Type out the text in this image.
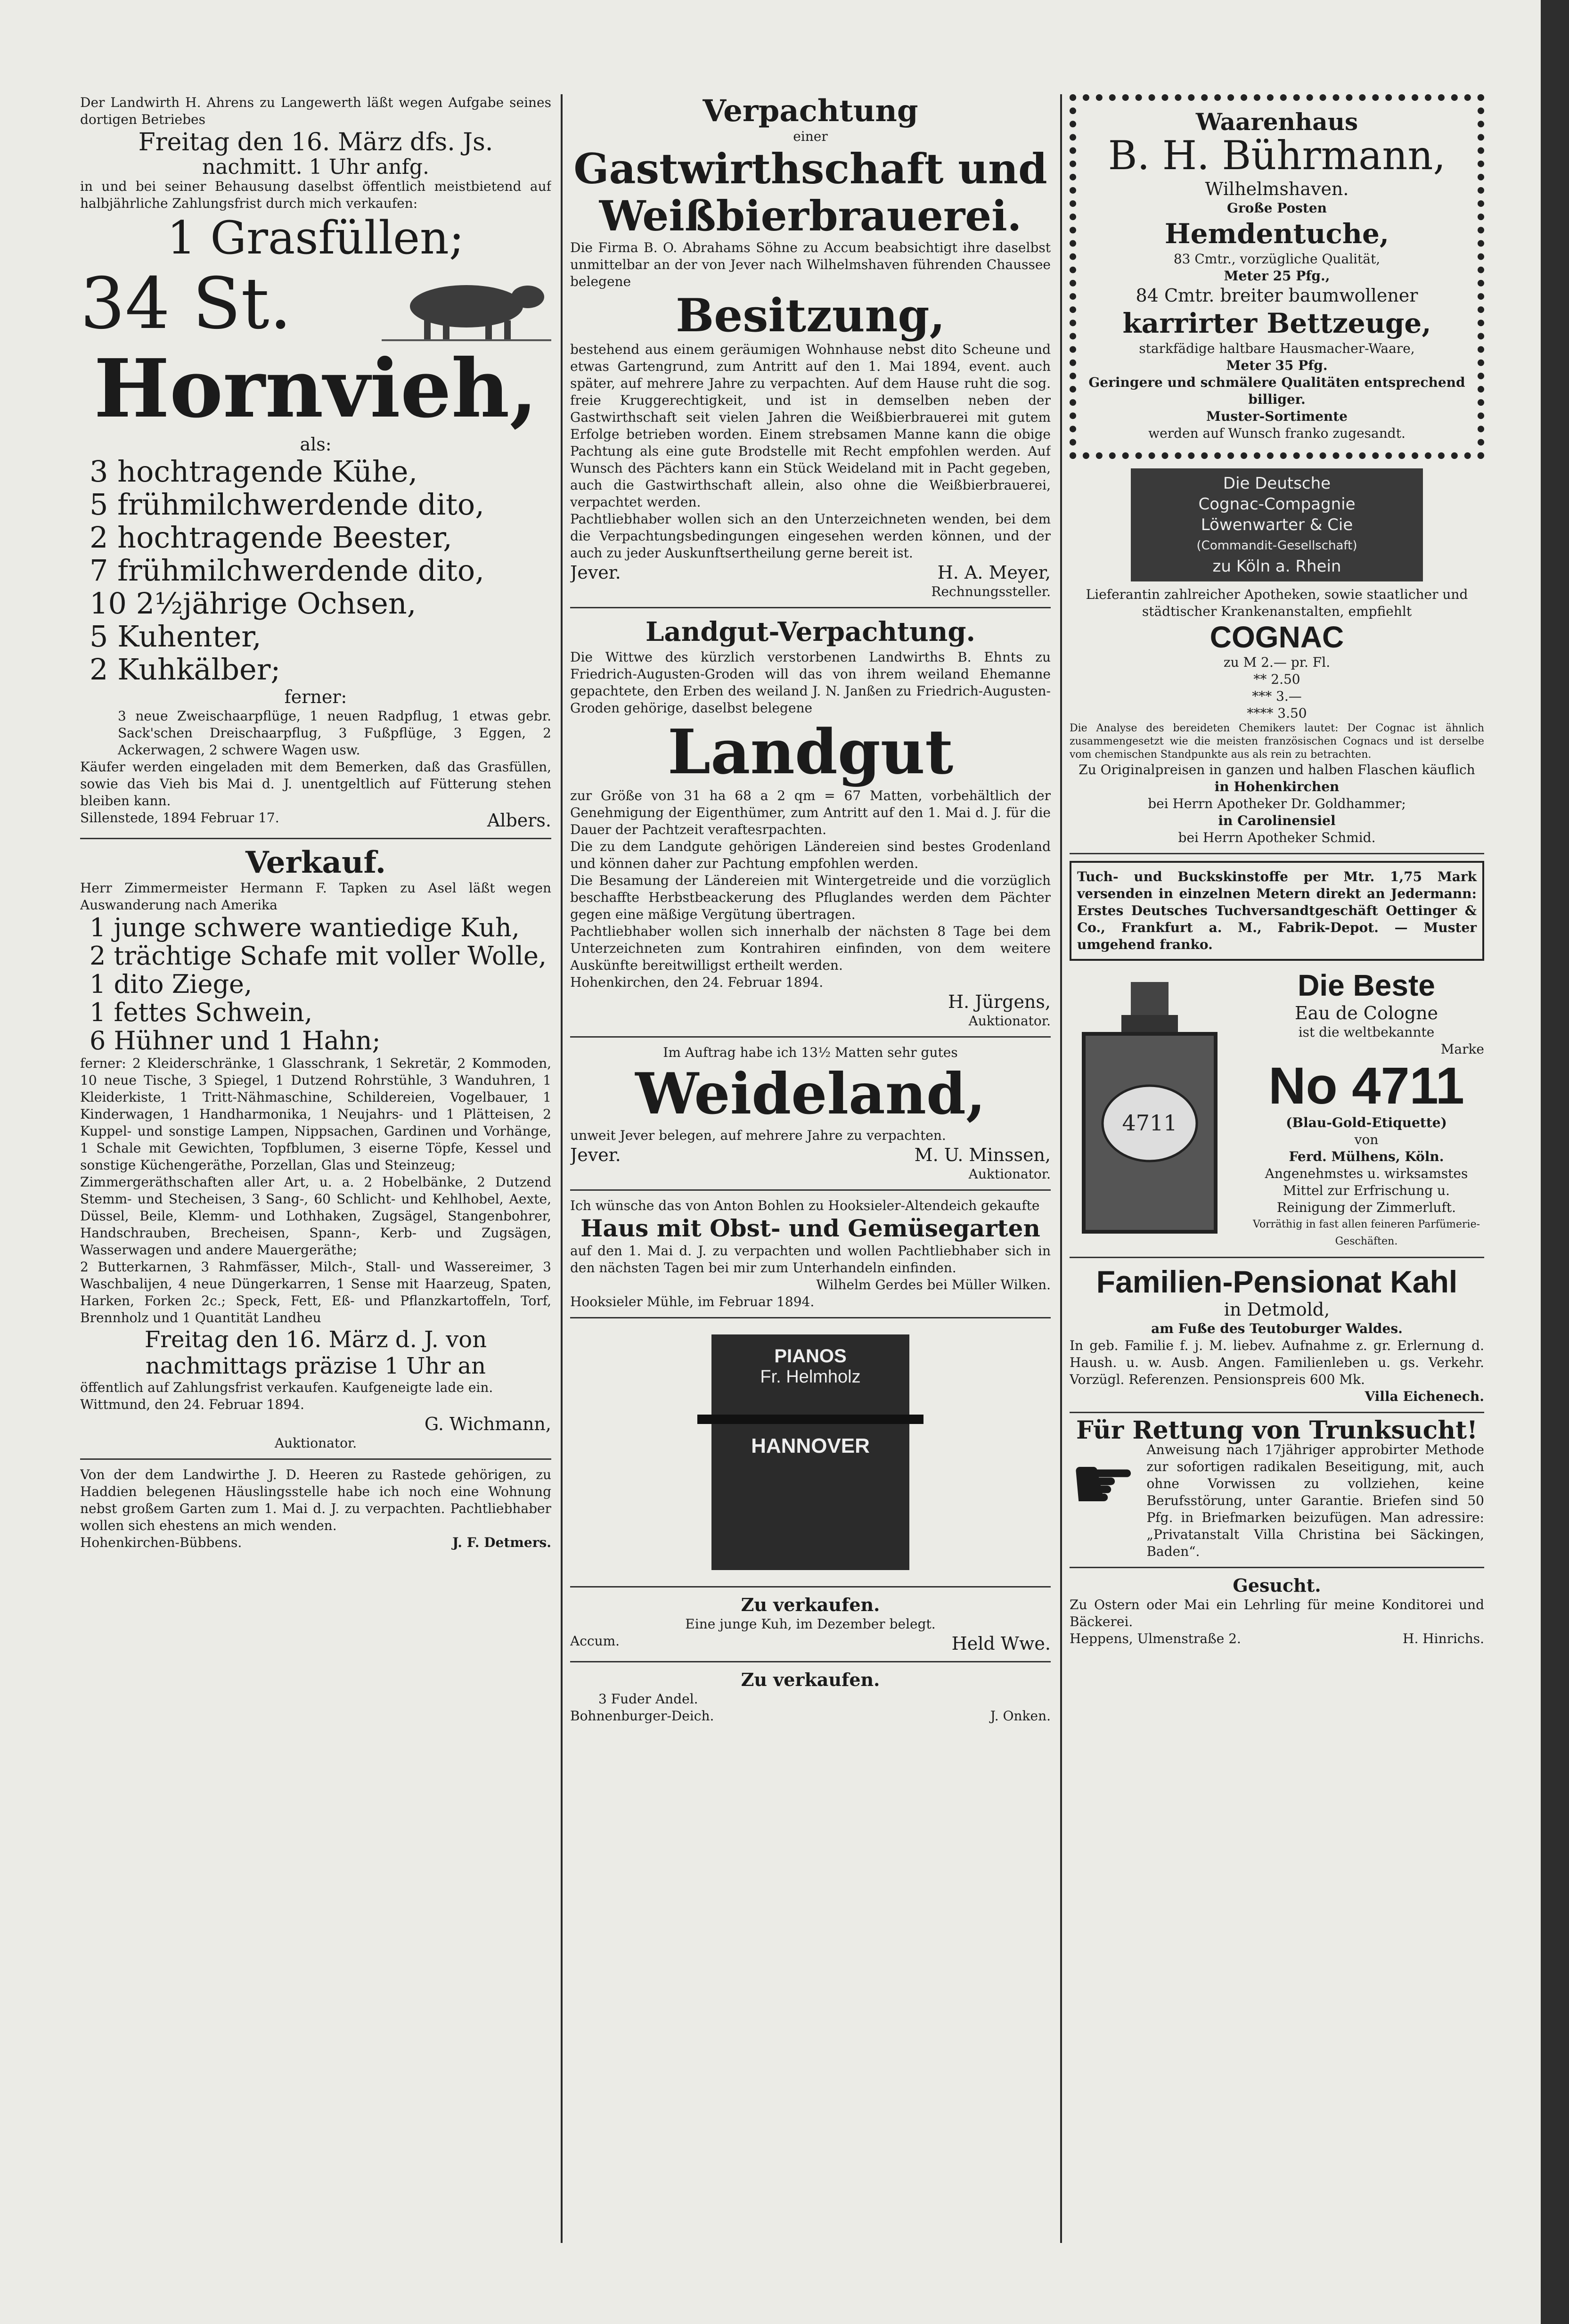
Der Landwirth H. Ahrens zu Langewerth läßt wegen Aufgabe seines dortigen Betriebes

Freitag den 16. März dfs. Js.

nachmitt. 1 Uhr anfg.

in und bei seiner Behausung daselbst öffentlich meistbietend auf halbjährliche Zahlungsfrist durch mich verkaufen:

1 Grasfüllen;

34 St.

Hornvieh,

als:

3 hochtragende Kühe,

5 frühmilchwerdende dito,

2 hochtragende Beester,

7 frühmilchwerdende dito,

10 2½jährige Ochsen,

5 Kuhenter,

2 Kuhkälber;

ferner:

3 neue Zweischaarpflüge, 1 neuen Radpflug, 1 etwas gebr. Sack'schen Dreischaarpflug, 3 Fußpflüge, 3 Eggen, 2 Ackerwagen, 2 schwere Wagen usw.

Käufer werden eingeladen mit dem Bemerken, daß das Grasfüllen, sowie das Vieh bis Mai d. J. unentgeltlich auf Fütterung stehen bleiben kann.

Sillenstede, 1894 Februar 17.	Albers.

Verkauf.

Herr Zimmermeister Hermann F. Tapken zu Asel läßt wegen Auswanderung nach Amerika

1 junge schwere wantiedige Kuh,

2 trächtige Schafe mit voller Wolle,

1 dito Ziege,

1 fettes Schwein,

6 Hühner und 1 Hahn;

ferner: 2 Kleiderschränke, 1 Glasschrank, 1 Sekretär, 2 Kommoden, 10 neue Tische, 3 Spiegel, 1 Dutzend Rohrstühle, 3 Wanduhren, 1 Kleiderkiste, 1 Tritt-Nähmaschine, Schildereien, Vogelbauer, 1 Kinderwagen, 1 Handharmonika, 1 Neujahrs- und 1 Plätteisen, 2 Kuppel- und sonstige Lampen, Nippsachen, Gardinen und Vorhänge, 1 Schale mit Gewichten, Topfblumen, 3 eiserne Töpfe, Kessel und sonstige Küchengeräthe, Porzellan, Glas und Steinzeug;

Zimmergeräthschaften aller Art, u. a. 2 Hobelbänke, 2 Dutzend Stemm- und Stecheisen, 3 Sang-, 60 Schlicht- und Kehlhobel, Aexte, Düssel, Beile, Klemm- und Lothhaken, Zugsägel, Stangenbohrer, Handschrauben, Brecheisen, Spann-, Kerb- und Zugsägen, Wasserwagen und andere Mauergeräthe;

2 Butterkarnen, 3 Rahmfässer, Milch-, Stall- und Wassereimer, 3 Waschbalijen, 4 neue Düngerkarren, 1 Sense mit Haarzeug, Spaten, Harken, Forken 2c.; Speck, Fett, Eß- und Pflanzkartoffeln, Torf, Brennholz und 1 Quantität Landheu

Freitag den 16. März d. J. von nachmittags präzise 1 Uhr an

öffentlich auf Zahlungsfrist verkaufen. Kaufgeneigte lade ein.

Wittmund, den 24. Februar 1894.

G. Wichmann,

Auktionator.

Von der dem Landwirthe J. D. Heeren zu Rastede gehörigen, zu Haddien belegenen Häuslingsstelle habe ich noch eine Wohnung nebst großem Garten zum 1. Mai d. J. zu verpachten. Pachtliebhaber wollen sich ehestens an mich wenden.

Hohenkirchen-Bübbens.	J. F. Detmers.

Verpachtung

einer

Gastwirthschaft und

Weißbierbrauerei.

Die Firma B. O. Abrahams Söhne zu Accum beabsichtigt ihre daselbst unmittelbar an der von Jever nach Wilhelmshaven führenden Chaussee belegene

Besitzung,

bestehend aus einem geräumigen Wohnhause nebst dito Scheune und etwas Gartengrund, zum Antritt auf den 1. Mai 1894, event. auch später, auf mehrere Jahre zu verpachten. Auf dem Hause ruht die sog. freie Kruggerechtigkeit, und ist in demselben neben der Gastwirthschaft seit vielen Jahren die Weißbierbrauerei mit gutem Erfolge betrieben worden. Einem strebsamen Manne kann die obige Pachtung als eine gute Brodstelle mit Recht empfohlen werden. Auf Wunsch des Pächters kann ein Stück Weideland mit in Pacht gegeben, auch die Gastwirthschaft allein, also ohne die Weißbierbrauerei, verpachtet werden.

Pachtliebhaber wollen sich an den Unterzeichneten wenden, bei dem die Verpachtungsbedingungen eingesehen werden können, und der auch zu jeder Auskunftsertheilung gerne bereit ist.

Jever.	H. A. Meyer,

Rechnungssteller.

Landgut-Verpachtung.

Die Wittwe des kürzlich verstorbenen Landwirths B. Ehnts zu Friedrich-Augusten-Groden will das von ihrem weiland Ehemanne gepachtete, den Erben des weiland J. N. Janßen zu Friedrich-Augusten-Groden gehörige, daselbst belegene

Landgut

zur Größe von 31 ha 68 a 2 qm = 67 Matten, vorbehältlich der Genehmigung der Eigenthümer, zum Antritt auf den 1. Mai d. J. für die Dauer der Pachtzeit veraftesrpachten.

Die zu dem Landgute gehörigen Ländereien sind bestes Grodenland und können daher zur Pachtung empfohlen werden.

Die Besamung der Ländereien mit Wintergetreide und die vorzüglich beschaffte Herbstbeackerung des Pfluglandes werden dem Pächter gegen eine mäßige Vergütung übertragen.

Pachtliebhaber wollen sich innerhalb der nächsten 8 Tage bei dem Unterzeichneten zum Kontrahiren einfinden, von dem weitere Auskünfte bereitwilligst ertheilt werden.

Hohenkirchen, den 24. Februar 1894.

H. Jürgens,

Auktionator.

Im Auftrag habe ich 13½ Matten sehr gutes

Weideland,

unweit Jever belegen, auf mehrere Jahre zu verpachten.

Jever.	M. U. Minssen,

Auktionator.

Ich wünsche das von Anton Bohlen zu Hooksieler-Altendeich gekaufte

Haus mit Obst- und Gemüsegarten

auf den 1. Mai d. J. zu verpachten und wollen Pachtliebhaber sich in den nächsten Tagen bei mir zum Unterhandeln einfinden.

Wilhelm Gerdes bei Müller Wilken.

Hooksieler Mühle, im Februar 1894.

PIANOS
Fr. Helmholz
HANNOVER

Zu verkaufen.

Eine junge Kuh, im Dezember belegt.

Accum.	Held Wwe.

Zu verkaufen.

3 Fuder Andel.

Bohnenburger-Deich.	J. Onken.

Waarenhaus

B. H. Bührmann,

Wilhelmshaven.

Große Posten

Hemdentuche,

83 Cmtr., vorzügliche Qualität,

Meter 25 Pfg.,

84 Cmtr. breiter baumwollener

karrirter Bettzeuge,

starkfädige haltbare Hausmacher-Waare,

Meter 35 Pfg.

Geringere und schmälere Qualitäten entsprechend billiger.

Muster-Sortimente

werden auf Wunsch franko zugesandt.

Die Deutsche
Cognac-Compagnie
Löwenwarter & Cie
(Commandit-Gesellschaft)
zu Köln a. Rhein

Lieferantin zahlreicher Apotheken, sowie staatlicher und städtischer Krankenanstalten, empfiehlt

COGNAC

zu M 2.— pr. Fl.

** 2.50

*** 3.—

**** 3.50

Die Analyse des bereideten Chemikers lautet: Der Cognac ist ähnlich zusammengesetzt wie die meisten französischen Cognacs und ist derselbe vom chemischen Standpunkte aus als rein zu betrachten.

Zu Originalpreisen in ganzen und halben Flaschen käuflich

in Hohenkirchen

bei Herrn Apotheker Dr. Goldhammer;

in Carolinensiel

bei Herrn Apotheker Schmid.

Tuch- und Buckskinstoffe per Mtr. 1,75 Mark versenden in einzelnen Metern direkt an Jedermann: Erstes Deutsches Tuchversandtgeschäft Oettinger & Co., Frankfurt a. M., Fabrik-Depot. — Muster umgehend franko.

4711

Die Beste

Eau de Cologne

ist die weltbekannte

Marke

No 4711

(Blau-Gold-Etiquette)

von

Ferd. Mülhens, Köln.

Angenehmstes u. wirksamstes Mittel zur Erfrischung u. Reinigung der Zimmerluft.

Vorräthig in fast allen feineren Parfümerie-Geschäften.

Familien-Pensionat Kahl

in Detmold,

am Fuße des Teutoburger Waldes.

In geb. Familie f. j. M. liebev. Aufnahme z. gr. Erlernung d. Haush. u. w. Ausb. Angen. Familienleben u. gs. Verkehr. Vorzügl. Referenzen. Pensionspreis 600 Mk.

Villa Eichenech.

Für Rettung von Trunksucht!

☛ Anweisung nach 17jähriger approbirter Methode zur sofortigen radikalen Beseitigung, mit, auch ohne Vorwissen zu vollziehen, keine Berufsstörung, unter Garantie. Briefen sind 50 Pfg. in Briefmarken beizufügen. Man adressire: „Privatanstalt Villa Christina bei Säckingen, Baden“.

Gesucht.

Zu Ostern oder Mai ein Lehrling für meine Konditorei und Bäckerei.

Heppens, Ulmenstraße 2.	H. Hinrichs.
